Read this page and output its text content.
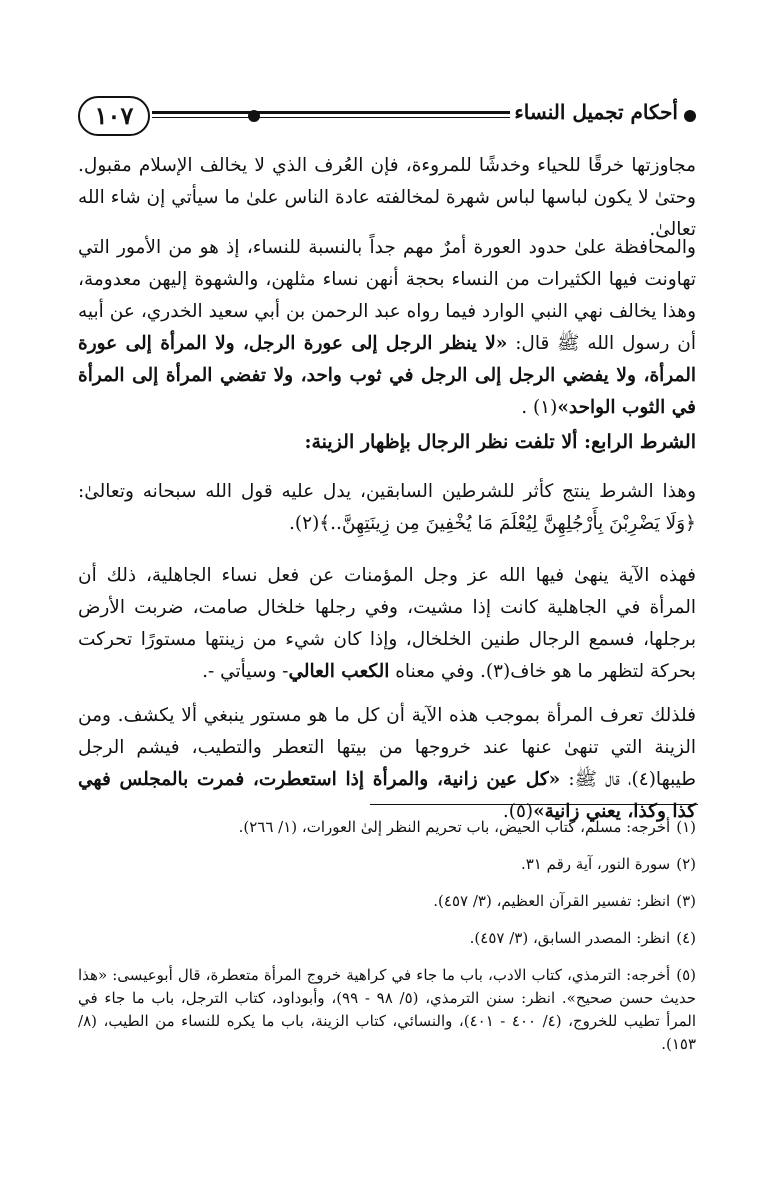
أحكام تجميل النساء
١٠٧

مجاوزتها خرقًا للحياء وخدشًا للمروءة، فإن العُرف الذي لا يخالف الإسلام مقبول. وحتىٰ لا يكون لباسها لباس شهرة لمخالفته عادة الناس علىٰ ما سيأتي إن شاء الله تعالىٰ.

والمحافظة علىٰ حدود العورة أمرٌ مهم جداً بالنسبة للنساء، إذ هو من الأمور التي تهاونت فيها الكثيرات من النساء بحجة أنهن نساء مثلهن، والشهوة إليهن معدومة، وهذا يخالف نهي النبي الوارد فيما رواه عبد الرحمن بن أبي سعيد الخدري، عن أبيه أن رسول الله ﷺ قال: «لا ينظر الرجل إلى عورة الرجل، ولا المرأة إلى عورة المرأة، ولا يفضي الرجل إلى الرجل في ثوب واحد، ولا تفضي المرأة إلى المرأة في الثوب الواحد»(١) .

الشرط الرابع: ألا تلفت نظر الرجال بإظهار الزينة:

وهذا الشرط ينتج كأثر للشرطين السابقين، يدل عليه قول الله سبحانه وتعالىٰ: ﴿وَلَا يَضْرِبْنَ بِأَرْجُلِهِنَّ لِيُعْلَمَ مَا يُخْفِينَ مِن زِينَتِهِنَّ..﴾(٢).

فهذه الآية ينهىٰ فيها الله عز وجل المؤمنات عن فعل نساء الجاهلية، ذلك أن المرأة في الجاهلية كانت إذا مشيت، وفي رجلها خلخال صامت، ضربت الأرض برجلها، فسمع الرجال طنين الخلخال، وإذا كان شيء من زينتها مستورًا تحركت بحركة لتظهر ما هو خاف(٣). وفي معناه الكعب العالي- وسيأتي -.

فلذلك تعرف المرأة بموجب هذه الآية أن كل ما هو مستور ينبغي ألا يكشف. ومن الزينة التي تنهىٰ عنها عند خروجها من بيتها التعطر والتطيب، فيشم الرجل طيبها(٤)، قال ﷺ: «كل عين زانية، والمرأة إذا استعطرت، فمرت بالمجلس فهي كذا وكذا، يعني زانية»(٥).

(١)أخرجه: مسلم، كتاب الحيض، باب تحريم النظر إلىٰ العورات، (١/ ٢٦٦).

(٢)سورة النور، آية رقم ٣١.

(٣)انظر: تفسير القرآن العظيم، (٣/ ٤٥٧).

(٤)انظر: المصدر السابق، (٣/ ٤٥٧).

(٥)أخرجه: الترمذي، كتاب الادب، باب ما جاء في كراهية خروج المرأة متعطرة، قال أبوعيسى: «هذا حديث حسن صحيح». انظر: سنن الترمذي، (٥/ ٩٨ - ٩٩)، وأبوداود، كتاب الترجل، باب ما جاء في المرأ تطيب للخروج، (٤/ ٤٠٠ - ٤٠١)، والنسائي، كتاب الزينة، باب ما يكره للنساء من الطيب، (٨/ ١٥٣).
